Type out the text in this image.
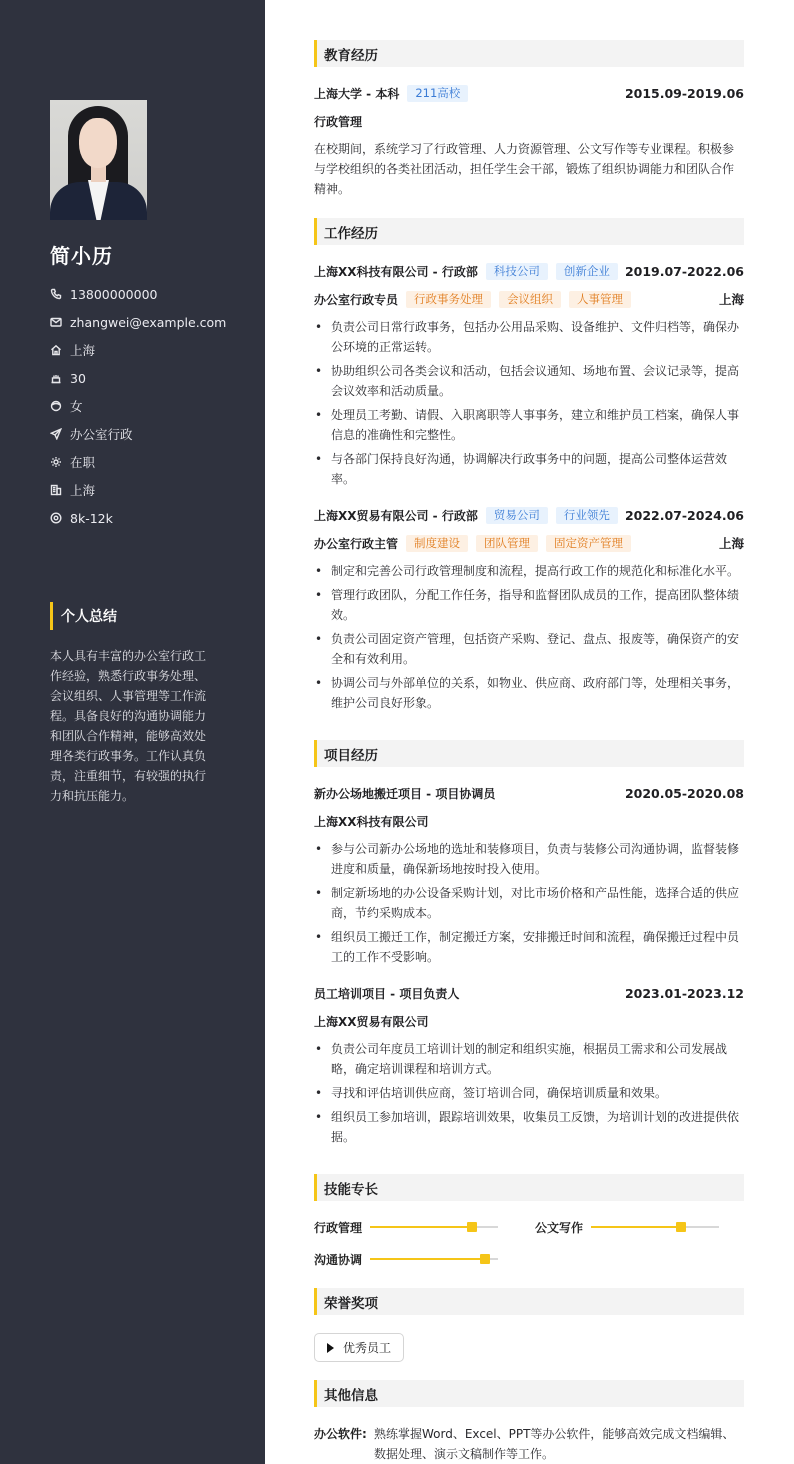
简小历
13800000000
zhangwei@example.com
上海
30
女
办公室行政
在职
上海
8k-12k
个人总结

本人具有丰富的办公室行政工作经验，熟悉行政事务处理、会议组织、人事管理等工作流程。具备良好的沟通协调能力和团队合作精神，能够高效处理各类行政事务。工作认真负责，注重细节，有较强的执行力和抗压能力。

教育经历
上海大学 - 本科	211高校	2015.09-2019.06
行政管理

在校期间，系统学习了行政管理、人力资源管理、公文写作等专业课程。积极参与学校组织的各类社团活动，担任学生会干部，锻炼了组织协调能力和团队合作精神。

工作经历
上海XX科技有限公司 - 行政部	科技公司	创新企业	2019.07-2022.06
办公室行政专员	行政事务处理	会议组织	人事管理	上海
• 负责公司日常行政事务，包括办公用品采购、设备维护、文件归档等，确保办公环境的正常运转。
• 协助组织公司各类会议和活动，包括会议通知、场地布置、会议记录等，提高会议效率和活动质量。
• 处理员工考勤、请假、入职离职等人事事务，建立和维护员工档案，确保人事信息的准确性和完整性。
• 与各部门保持良好沟通，协调解决行政事务中的问题，提高公司整体运营效率。
上海XX贸易有限公司 - 行政部	贸易公司	行业领先	2022.07-2024.06
办公室行政主管	制度建设	团队管理	固定资产管理	上海
• 制定和完善公司行政管理制度和流程，提高行政工作的规范化和标准化水平。
• 管理行政团队，分配工作任务，指导和监督团队成员的工作，提高团队整体绩效。
• 负责公司固定资产管理，包括资产采购、登记、盘点、报废等，确保资产的安全和有效利用。
• 协调公司与外部单位的关系，如物业、供应商、政府部门等，处理相关事务，维护公司良好形象。
项目经历
新办公场地搬迁项目 - 项目协调员	2020.05-2020.08
上海XX科技有限公司
• 参与公司新办公场地的选址和装修项目，负责与装修公司沟通协调，监督装修进度和质量，确保新场地按时投入使用。
• 制定新场地的办公设备采购计划，对比市场价格和产品性能，选择合适的供应商，节约采购成本。
• 组织员工搬迁工作，制定搬迁方案，安排搬迁时间和流程，确保搬迁过程中员工的工作不受影响。
员工培训项目 - 项目负责人	2023.01-2023.12
上海XX贸易有限公司
• 负责公司年度员工培训计划的制定和组织实施，根据员工需求和公司发展战略，确定培训课程和培训方式。
• 寻找和评估培训供应商，签订培训合同，确保培训质量和效果。
• 组织员工参加培训，跟踪培训效果，收集员工反馈，为培训计划的改进提供依据。
技能专长
行政管理	公文写作
沟通协调
荣誉奖项
优秀员工
其他信息
办公软件: 熟练掌握Word、Excel、PPT等办公软件，能够高效完成文档编辑、数据处理、演示文稿制作等工作。
